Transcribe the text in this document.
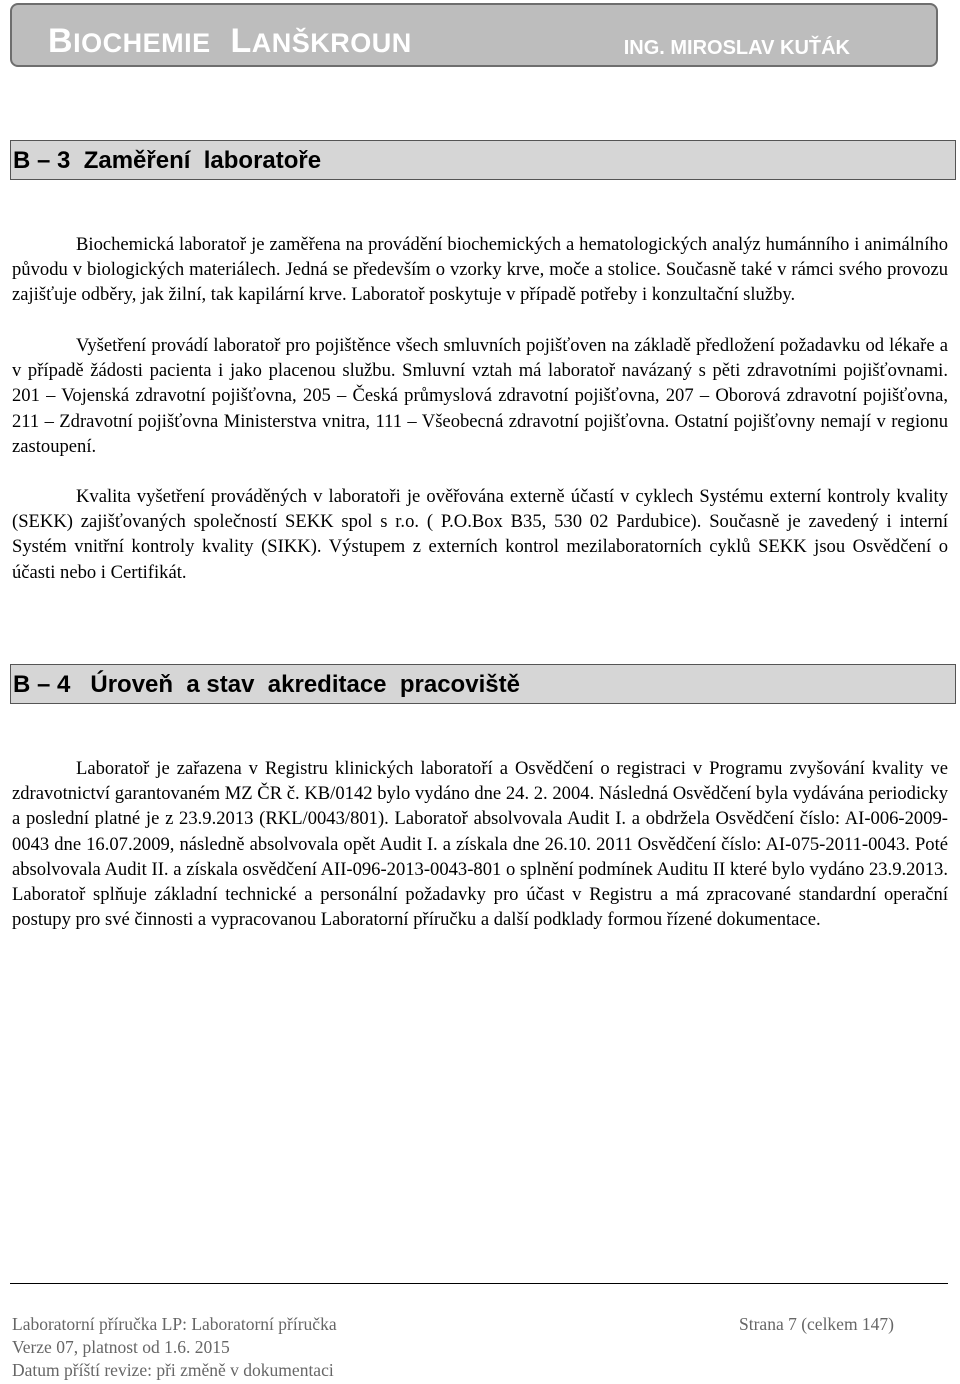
BIOCHEMIE LANŠKROUN	ING. MIROSLAV KUŤÁK
B – 3  Zaměření  laboratoře

Biochemická laboratoř je zaměřena na provádění biochemických a hematologických analýz humánního i animálního původu v biologických materiálech. Jedná se především o vzorky krve, moče a stolice. Současně také v rámci svého provozu zajišťuje odběry, jak žilní, tak kapilární krve. Laboratoř poskytuje v případě potřeby i konzultační služby.

Vyšetření provádí laboratoř pro pojištěnce všech smluvních pojišťoven na základě předložení požadavku od lékaře a v případě žádosti pacienta i jako placenou službu. Smluvní vztah má laboratoř navázaný s pěti zdravotními pojišťovnami. 201 – Vojenská zdravotní pojišťovna, 205 – Česká průmyslová zdravotní pojišťovna, 207 – Oborová zdravotní pojišťovna, 211 – Zdravotní pojišťovna Ministerstva vnitra, 111 – Všeobecná zdravotní pojišťovna. Ostatní pojišťovny nemají v regionu zastoupení.

Kvalita vyšetření prováděných v laboratoři je ověřována externě účastí v cyklech Systému externí kontroly kvality (SEKK) zajišťovaných společností SEKK spol s r.o. ( P.O.Box B35, 530 02 Pardubice). Současně je zavedený i interní Systém vnitřní kontroly kvality (SIKK). Výstupem z externích kontrol mezilaboratorních cyklů SEKK jsou Osvědčení o účasti nebo i Certifikát.

B – 4   Úroveň  a stav  akreditace  pracoviště

Laboratoř je zařazena v Registru klinických laboratoří a Osvědčení o registraci v Programu zvyšování kvality ve zdravotnictví garantovaném MZ ČR č. KB/0142 bylo vydáno dne 24. 2. 2004. Následná Osvědčení byla vydávána periodicky a poslední platné je z 23.9.2013 (RKL/0043/801). Laboratoř absolvovala Audit I. a obdržela Osvědčení číslo: AI-006-2009-0043 dne 16.07.2009, následně absolvovala opět Audit I. a získala dne 26.10. 2011 Osvědčení číslo: AI-075-2011-0043. Poté absolvovala Audit II. a získala osvědčení AII-096-2013-0043-801 o splnění podmínek Auditu II které bylo vydáno 23.9.2013. Laboratoř splňuje základní technické a personální požadavky pro účast v Registru a má zpracované standardní operační postupy pro své činnosti a vypracovanou Laboratorní příručku a další podklady formou řízené dokumentace.

Laboratorní příručka LP: Laboratorní příručka
Verze 07, platnost od 1.6. 2015
Datum příští revize: při změně v dokumentaci
Strana 7 (celkem 147)
